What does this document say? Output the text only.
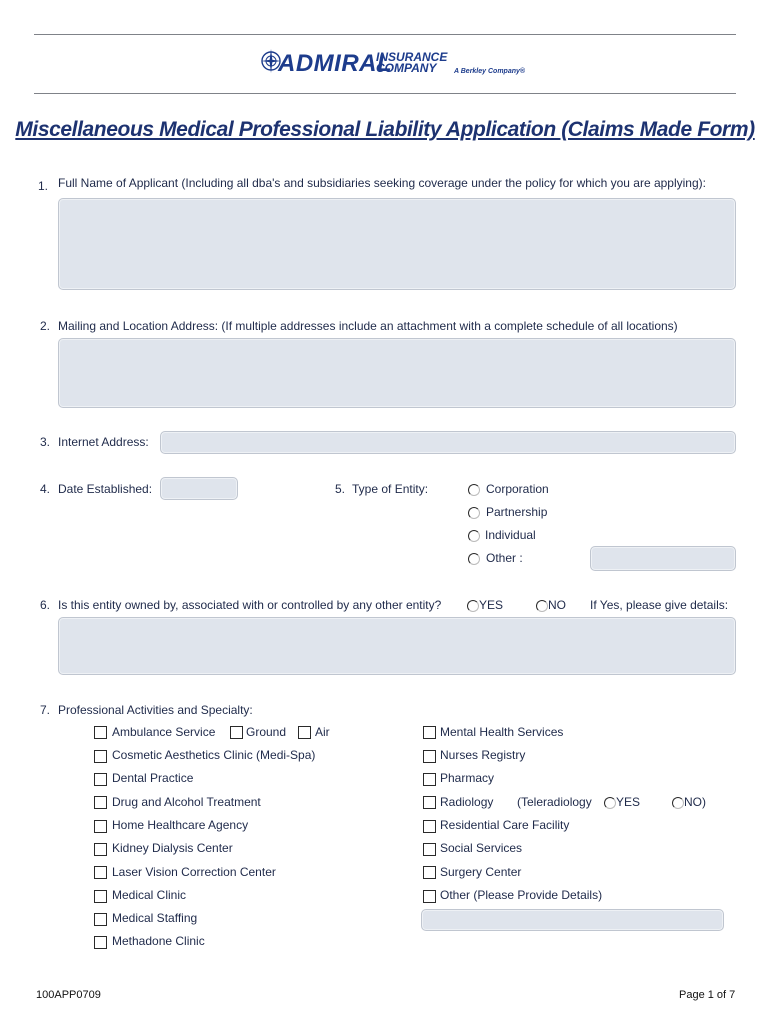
ADMIRAL
INSURANCE
COMPANY	A Berkley Company®
Miscellaneous Medical Professional Liability Application (Claims Made Form)
1. Full Name of Applicant (Including all dba's and subsidiaries seeking coverage under the policy for which you are applying):
2. Mailing and Location Address: (If multiple addresses include an attachment with a complete schedule of all locations)
3. Internet Address:
4. Date Established:	5. Type of Entity:	Corporation
Partnership
Individual
Other :
6. Is this entity owned by, associated with or controlled by any other entity?	YES	NO If Yes, please give details:
7. Professional Activities and Specialty:
Ambulance Service	Ground Air
Cosmetic Aesthetics Clinic (Medi-Spa)
Dental Practice
Drug and Alcohol Treatment
Home Healthcare Agency
Kidney Dialysis Center
Laser Vision Correction Center
Medical Clinic
Medical Staffing
Methadone Clinic
Mental Health Services
Nurses Registry
Pharmacy
Radiology (Teleradiology YES	NO)
Residential Care Facility
Social Services
Surgery Center
Other (Please Provide Details)
100APP0709	Page 1 of 7
